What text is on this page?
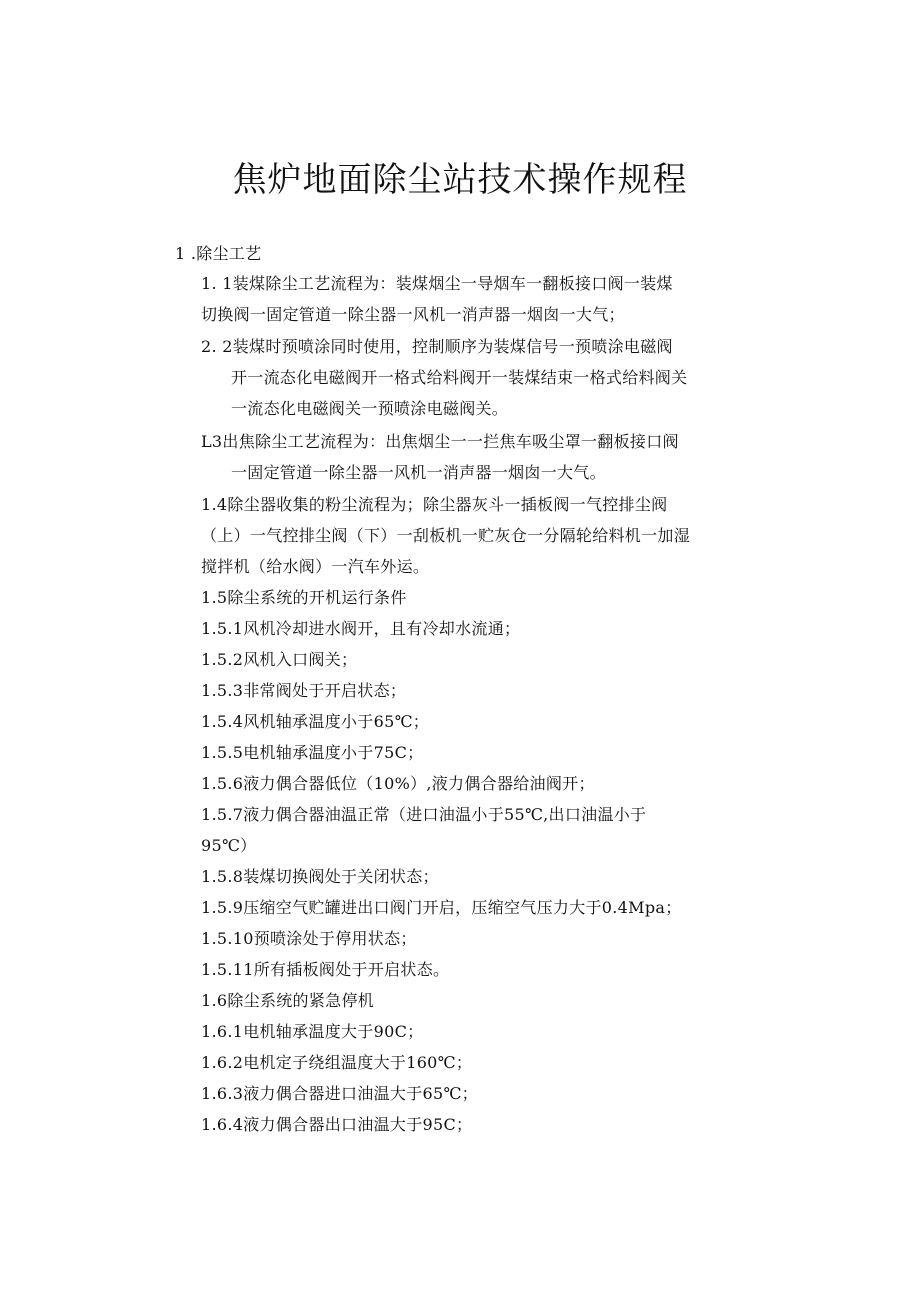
焦炉地面除尘站技术操作规程
1 .除尘工艺
1. 1装煤除尘工艺流程为：装煤烟尘一导烟车一翻板接口阀一装煤
切换阀一固定管道一除尘器一风机一消声器一烟囱一大气；
2. 2装煤时预喷涂同时使用，控制顺序为装煤信号一预喷涂电磁阀
开一流态化电磁阀开一格式给料阀开一装煤结束一格式给料阀关
一流态化电磁阀关一预喷涂电磁阀关。
L3出焦除尘工艺流程为：出焦烟尘一一拦焦车吸尘罩一翻板接口阀
一固定管道一除尘器一风机一消声器一烟囱一大气。
1.4除尘器收集的粉尘流程为；除尘器灰斗一插板阀一气控排尘阀
（上）一气控排尘阀（下）一刮板机一贮灰仓一分隔轮给料机一加湿
搅拌机（给水阀）一汽车外运。
1.5除尘系统的开机运行条件
1.5.1风机冷却进水阀开，且有冷却水流通；
1.5.2风机入口阀关；
1.5.3非常阀处于开启状态；
1.5.4风机轴承温度小于65℃；
1.5.5电机轴承温度小于75C；
1.5.6液力偶合器低位（10%）,液力偶合器给油阀开；
1.5.7液力偶合器油温正常（进口油温小于55℃,出口油温小于
95℃）
1.5.8装煤切换阀处于关闭状态；
1.5.9压缩空气贮罐进出口阀门开启，压缩空气压力大于0.4Mpa；
1.5.10预喷涂处于停用状态；
1.5.11所有插板阀处于开启状态。
1.6除尘系统的紧急停机
1.6.1电机轴承温度大于90C；
1.6.2电机定子绕组温度大于160℃；
1.6.3液力偶合器进口油温大于65℃；
1.6.4液力偶合器出口油温大于95C；
